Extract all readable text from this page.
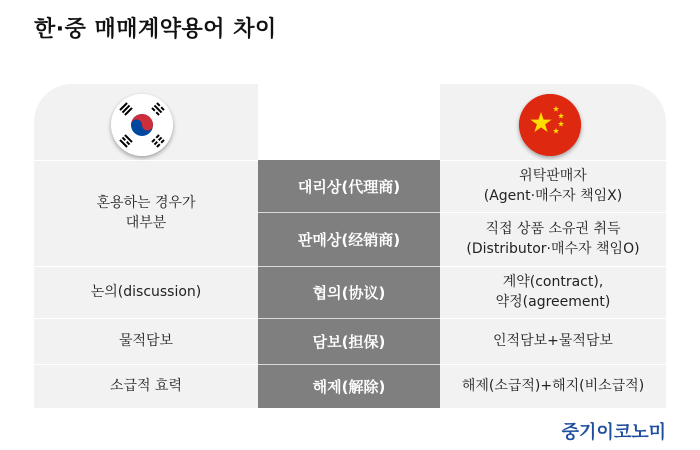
한·중 매매계약용어 차이
혼용하는 경우가
대부분
논의(discussion)
물적담보
소급적 효력
대리상(代理商)
판매상(经销商)
협의(协议)
담보(担保)
해제(解除)
위탁판매자
(Agent·매수자 책임X)
직접 상품 소유권 취득
(Distributor·매수자 책임O)
계약(contract),
약정(agreement)
인적담보+물적담보
해제(소급적)+해지(비소급적)
중기이코노미
